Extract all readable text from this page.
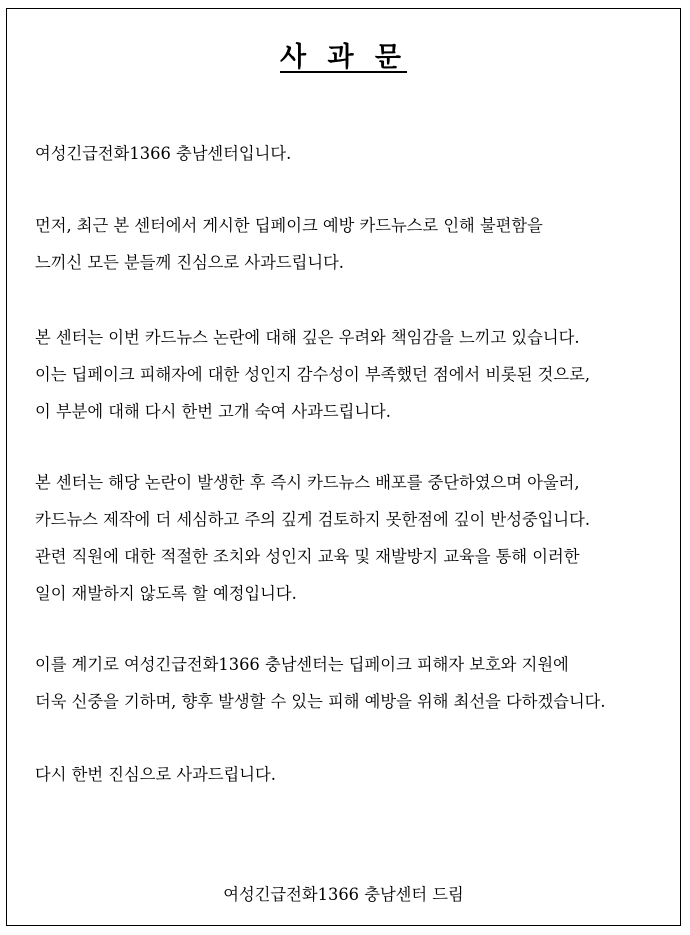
사 과 문

여성긴급전화1366 충남센터입니다.

먼저, 최근 본 센터에서 게시한 딥페이크 예방 카드뉴스로 인해 불편함을
느끼신 모든 분들께 진심으로 사과드립니다.

본 센터는 이번 카드뉴스 논란에 대해 깊은 우려와 책임감을 느끼고 있습니다.
이는 딥페이크 피해자에 대한 성인지 감수성이 부족했던 점에서 비롯된 것으로,
이 부분에 대해 다시 한번 고개 숙여 사과드립니다.

본 센터는 해당 논란이 발생한 후 즉시 카드뉴스 배포를 중단하였으며 아울러,
카드뉴스 제작에 더 세심하고 주의 깊게 검토하지 못한점에 깊이 반성중입니다.
관련 직원에 대한 적절한 조치와 성인지 교육 및 재발방지 교육을 통해 이러한
일이 재발하지 않도록 할 예정입니다.

이를 계기로 여성긴급전화1366 충남센터는 딥페이크 피해자 보호와 지원에
더욱 신중을 기하며, 향후 발생할 수 있는 피해 예방을 위해 최선을 다하겠습니다.

다시 한번 진심으로 사과드립니다.

여성긴급전화1366 충남센터 드림
